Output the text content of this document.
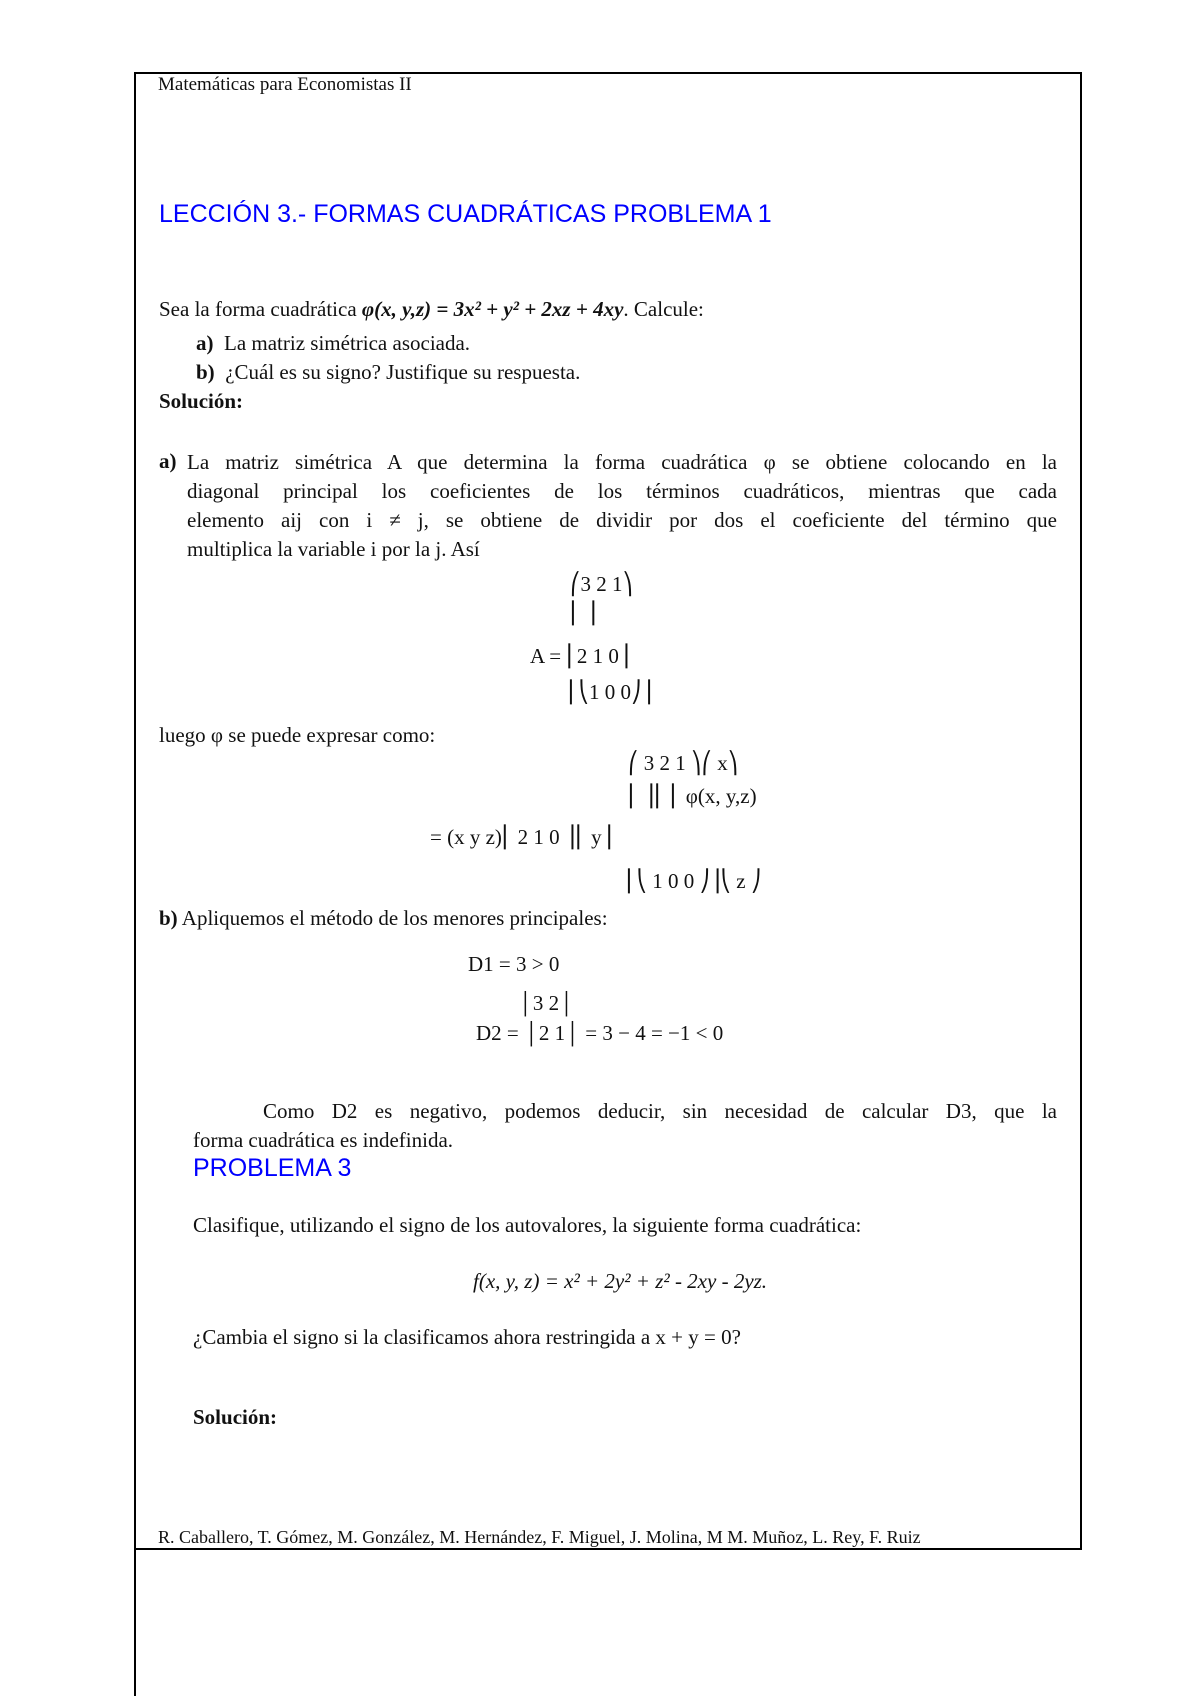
Matemáticas para Economistas II
LECCIÓN 3.- FORMAS CUADRÁTICAS PROBLEMA 1
Sea la forma cuadrática φ(x, y,z) = 3x² + y² + 2xz + 4xy. Calcule:
a) La matriz simétrica asociada.
b) ¿Cuál es su signo? Justifique su respuesta.
Solución:
a) La matriz simétrica A que determina la forma cuadrática φ se obtiene colocando en la
diagonal principal los coeficientes de los términos cuadráticos, mientras que cada
elemento aij con i ≠ j, se obtiene de dividir por dos el coeficiente del término que
multiplica la variable i por la j. Así
⎛3 2 1⎞
⎜ ⎟
A = ⎜2 1 0⎟
⎜⎝1 0 0⎠⎟
luego φ se puede expresar como:
⎛ 3 2 1 ⎞⎛ x⎞
⎜ ⎟⎜ ⎜ φ(x, y,z)
= (x y z)⎜ 2 1 0 ⎟⎜ y⎟
⎜⎝ 1 0 0 ⎠⎟⎝ z ⎠
b) Apliquemos el método de los menores principales:
D1 = 3 > 0
│3 2│
D2 = │2 1│ = 3 − 4 = −1 < 0
Como D2 es negativo, podemos deducir, sin necesidad de calcular D3, que la
forma cuadrática es indefinida.
PROBLEMA 3
Clasifique, utilizando el signo de los autovalores, la siguiente forma cuadrática:
f(x, y, z) = x² + 2y² + z² - 2xy - 2yz.
¿Cambia el signo si la clasificamos ahora restringida a x + y = 0?
Solución:
R. Caballero, T. Gómez, M. González, M. Hernández, F. Miguel, J. Molina, M M. Muñoz, L. Rey, F. Ruiz
